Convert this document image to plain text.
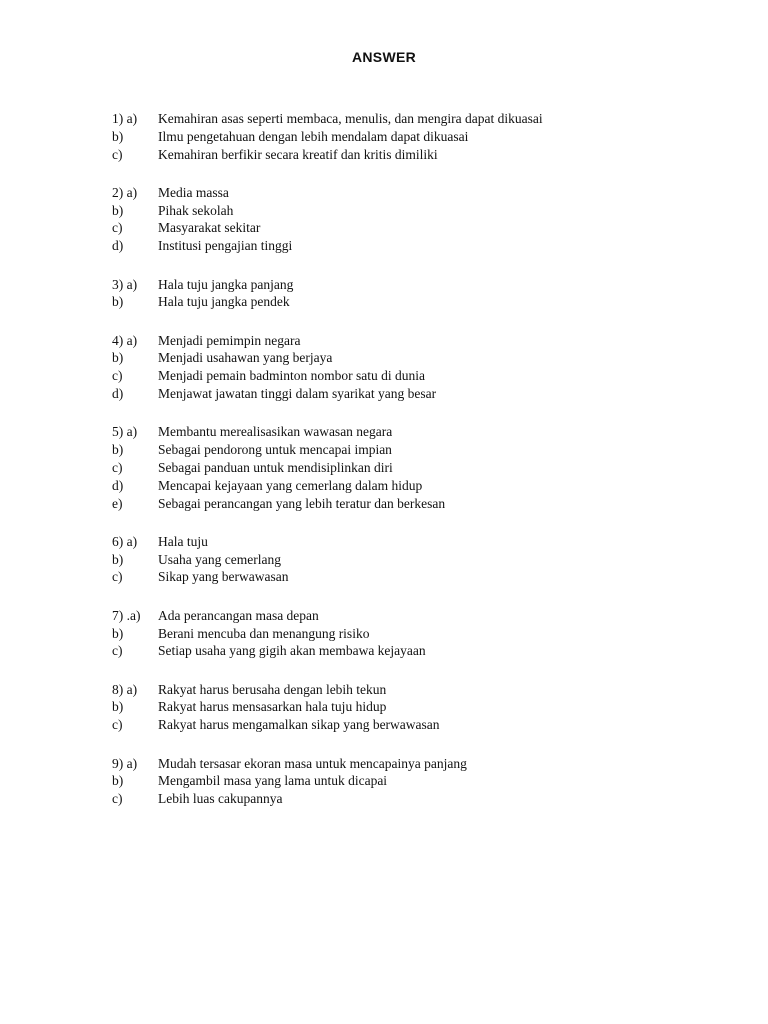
ANSWER
1) a)	Kemahiran asas seperti membaca, menulis, dan mengira dapat dikuasai
b)	Ilmu pengetahuan dengan lebih mendalam dapat dikuasai
c)	Kemahiran berfikir secara kreatif dan kritis dimiliki
2) a)	Media massa
b)	Pihak sekolah
c)	Masyarakat sekitar
d)	Institusi pengajian tinggi
3) a)	Hala tuju jangka panjang
b)	Hala tuju jangka pendek
4) a)	Menjadi pemimpin negara
b)	Menjadi usahawan yang berjaya
c)	Menjadi pemain badminton nombor satu di dunia
d)	Menjawat jawatan tinggi dalam syarikat yang besar
5) a)	Membantu merealisasikan wawasan negara
b)	Sebagai pendorong untuk mencapai impian
c)	Sebagai panduan untuk mendisiplinkan diri
d)	Mencapai kejayaan yang cemerlang dalam hidup
e)	Sebagai perancangan yang lebih teratur dan berkesan
6) a)	Hala tuju
b)	Usaha yang cemerlang
c)	Sikap yang berwawasan
7) .a)	Ada perancangan masa depan
b)	Berani mencuba dan menangung risiko
c)	Setiap usaha yang gigih akan membawa kejayaan
8) a)	Rakyat harus berusaha dengan lebih tekun
b)	Rakyat harus mensasarkan hala tuju hidup
c)	Rakyat harus mengamalkan sikap yang berwawasan
9) a)	Mudah tersasar ekoran masa untuk mencapainya panjang
b)	Mengambil masa yang lama untuk dicapai
c)	Lebih luas cakupannya
